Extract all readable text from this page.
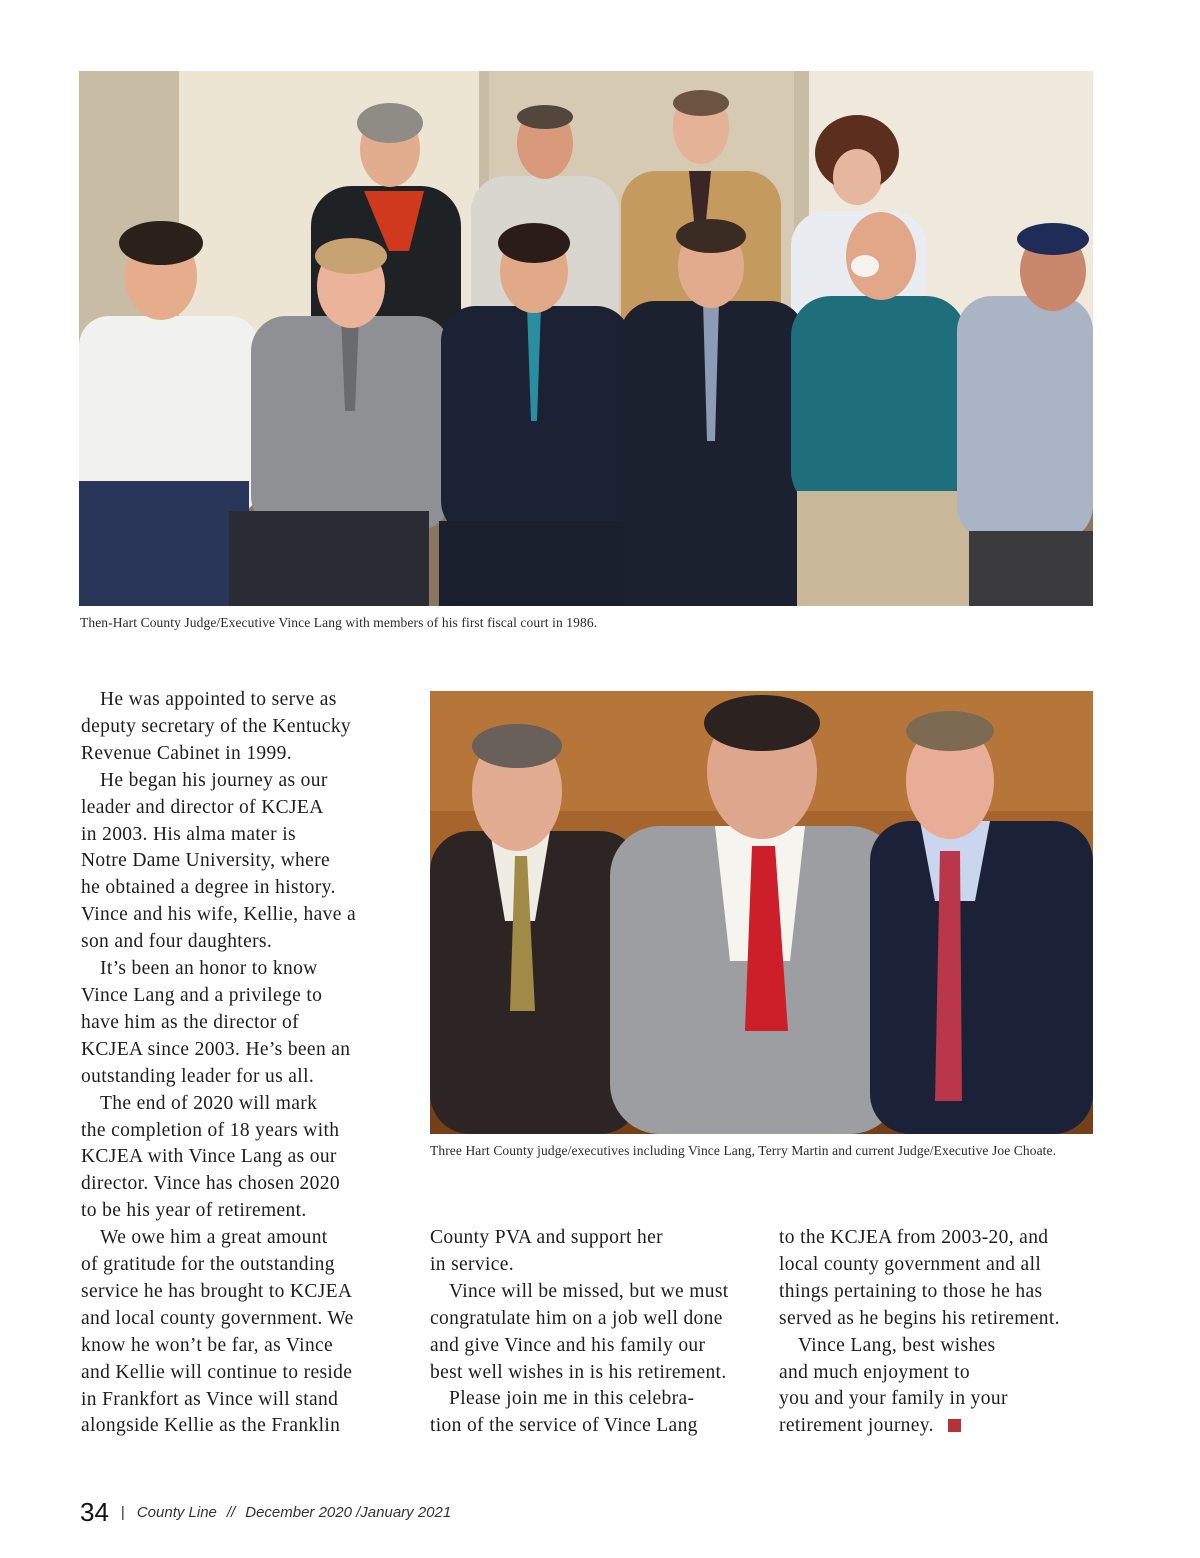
Then-Hart County Judge/Executive Vince Lang with members of his first fiscal court in 1986.
Three Hart County judge/executives including Vince Lang, Terry Martin and current Judge/Executive Joe Choate.

He was appointed to serve as

deputy secretary of the Kentucky

Revenue Cabinet in 1999.

He began his journey as our

leader and director of KCJEA

in 2003. His alma mater is

Notre Dame University, where

he obtained a degree in history.

Vince and his wife, Kellie, have a

son and four daughters.

It’s been an honor to know

Vince Lang and a privilege to

have him as the director of

KCJEA since 2003. He’s been an

outstanding leader for us all.

The end of 2020 will mark

the completion of 18 years with

KCJEA with Vince Lang as our

director. Vince has chosen 2020

to be his year of retirement.

We owe him a great amount

of gratitude for the outstanding

service he has brought to KCJEA

and local county government. We

know he won’t be far, as Vince

and Kellie will continue to reside

in Frankfort as Vince will stand

alongside Kellie as the Franklin

County PVA and support her

in service.

Vince will be missed, but we must

congratulate him on a job well done

and give Vince and his family our

best well wishes in is his retirement.

Please join me in this celebra-

tion of the service of Vince Lang

to the KCJEA from 2003-20, and

local county government and all

things pertaining to those he has

served as he begins his retirement.

Vince Lang, best wishes

and much enjoyment to

you and your family in your

retirement journey.

34 | County Line // December 2020 /January 2021
